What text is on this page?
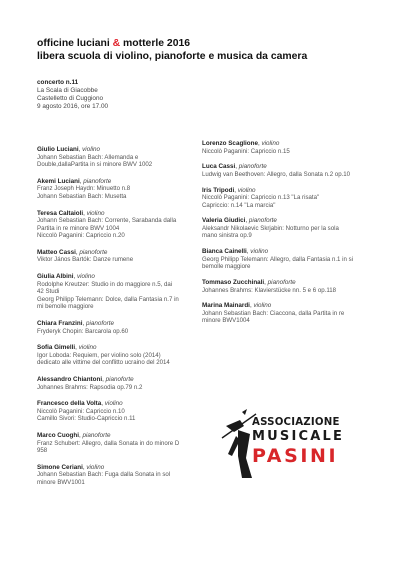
officine luciani & motterle 2016

libera scuola di violino, pianoforte e musica da camera

concerto n.11

La Scala di Giacobbe

Castelletto di Cuggiono

9 agosto 2016, ore 17.00

Giulio Luciani, violino

Johann Sebastian Bach: Allemanda e

Double,dallaPartita in si minore BWV 1002

Akemi Luciani, pianoforte

Franz Joseph Haydn: Minuetto n.8

Johann Sebastian Bach: Musetta

Teresa Caltaioli, violino

Johann Sebastian Bach: Corrente, Sarabanda dalla

Partita in re minore BWV 1004

Niccolò Paganini: Capriccio n.20

Matteo Cassi, pianoforte

Viktor János Bartók: Danze rumene

Giulia Albini, violino

Rodolphe Kreutzer: Studio in do maggiore n.5, dai

42 Studi

Georg Philipp Telemann: Dolce, dalla Fantasia n.7 in

mi bemolle maggiore

Chiara Franzini, pianoforte

Fryderyk Chopin: Barcarola op.60

Sofia Gimelli, violino

Igor Loboda: Requiem, per violino solo (2014)

dedicato alle vittime del conflitto ucraino del 2014

Alessandro Chiantoni, pianoforte

Johannes Brahms: Rapsodia op.79 n.2

Francesco della Volta, violino

Niccolò Paganini: Capriccio n.10

Camillo Sivori: Studio-Capriccio n.11

Marco Cuoghi, pianoforte

Franz Schubert: Allegro, dalla Sonata in do minore D

958

Simone Ceriani, violino

Johann Sebastian Bach: Fuga dalla Sonata in sol

minore BWV1001

Lorenzo Scaglione, violino

Niccolò Paganini: Capriccio n.15

Luca Cassi, pianoforte

Ludwig van Beethoven: Allegro, dalla Sonata n.2 op.10

Iris Tripodi, violino

Niccolò Paganini: Capriccio n.13 "La risata"

Capriccio: n.14 "La marcia"

Valeria Giudici, pianoforte

Aleksandr Nikolaevic Skrjabin: Notturno per la sola

mano sinistra op.9

Bianca Cainelli, violino

Georg Philipp Telemann: Allegro, dalla Fantasia n.1 in si

bemolle maggiore

Tommaso Zucchinali, pianoforte

Johannes Brahms: Klavierstücke nn. 5 e 6 op.118

Marina Mainardi, violino

Johann Sebastian Bach: Ciaccona, dalla Partita in re

minore BWV1004

ASSOCIAZIONE
MUSICALE
PASINI
